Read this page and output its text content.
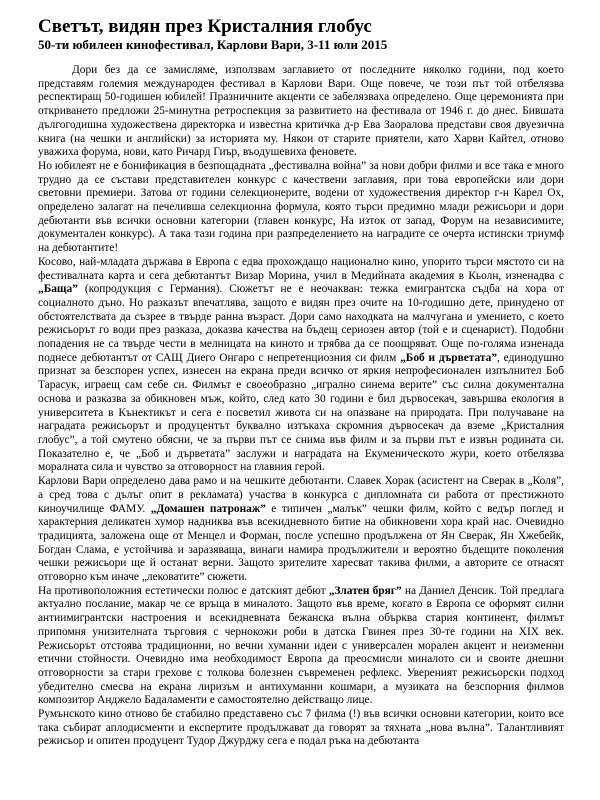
Светът, видян през Кристалния глобус
50-ти юбилеен кинофестивал, Карлови Вари, 3-11 юли 2015

Дори без да се замисляме, използвам заглавието от последните няколко години, под което представям големия международен фестивал в Карлови Вари. Още повече, че този път той отбелязва респектиращ 50-годишен юбилей! Празничните акценти се забелязваха определено. Още церемонията при откриването предложи 25-минутна ретроспекция за развитието на фестивала от 1946 г. до днес. Бившата дългогодишна художествена директорка и известна критичка д-р Ева Заоралова представи своя двуезична книга (на чешки и английски) за историята му. Някои от старите приятели, като Харви Кайтел, отново уважиха форума, нови, като Ричард Гиър, въодушевиха феновете.

Но юбилеят не е бонификация в безпощадната „фестивална война” за нови добри филми и все така е много трудно да се състави представителен конкурс с качествени заглавия, при това европейски или дори световни премиери. Затова от години селекционерите, водени от художествения директор г-н Карел Ох, определено залагат на печелившa селекционна формула, която търси предимно млади режисьори и дори дебютанти във всички основни категории (главен конкурс, На изток от запад, Форум на независимите, документален конкурс). А така тази година при разпределението на наградите се очерта истински триумф на дебютантите!

Косово, най-младата държава в Европа с едва прохождащо национално кино, упорито търси мястото си на фестивалната карта и сега дебютантът Визар Морина, учил в Медийната академия в Кьолн, изненадва с „Баща” (копродукция с Германия). Сюжетът не е неочакван: тежка емигрантска съдба на хора от социалното дъно. Но разказът впечатлява, защото е видян през очите на 10-годишно дете, принудено от обстоятелствата да съзрее в твърде ранна възраст. Дори само находката на малчугана и умението, с което режисьорът го води през разказа, доказва качества на бъдещ сериозен автор (той е и сценарист). Подобни попадения не са твърде чести в мелницата на киното и трябва да се поощряват. Още по-голяма изненада поднесе дебютантът от САЩ Диего Онгаро с непретенциозния си филм „Боб и дърветата”, единодушно признат за безспорен успех, изнесен на екрана преди всичко от яркия непрофесионален изпълнител Боб Тарасук, играещ сам себе си. Филмът е своеобразно „игрално синема верите” със силна документална основа и разказва за обикновен мъж, който, след като 30 години е бил дървосекач, завършва екология в университета в Кънектикът и сега е посветил живота си на опазване на природата. При получаване на наградата режисьорът и продуцентът буквално изтъкаха скромния дървосекач да вземе „Кристалния глобус”, а той смутено обясни, че за първи път се снима във филм и за първи път е извън родината си. Показателно е, че „Боб и дърветата” заслужи и наградата на Екуменическото жури, което отбелязва моралната сила и чувство за отговорност на главния герой.

Карлови Вари определено дава рамо и на чешките дебютанти. Славек Хорак (асистент на Сверак в „Коля”, а сред това с дълъг опит в рекламата) участва в конкурса с дипломната си работа от престижното киноучилище ФАМУ. „Домашен патронаж” е типичен „малък” чешки филм, който с ведър поглед и характерния деликатен хумор надниква във всекидневното битие на обикновени хора край нас. Очевидно традицията, заложена още от Менцел и Форман, после успешно продължена от Ян Сверак, Ян Хжебейк, Богдан Слама, е устойчива и заразяваща, винаги намира продължители и вероятно бъдещите поколения чешки режисьори ще й останат верни. Защото зрителите харесват такива филми, а авторите се отнасят отговорно към иначе „лековатите” сюжети.

На противоположния естетически полюс е датският дебют „Златен бряг” на Даниел Денсик. Той предлага актуално послание, макар че се връща в миналото. Защото във време, когато в Европа се оформят силни антиимигрантски настроения и всекидневната бежанска вълна обърква стария континент, филмът припомня унизителната търговия с чернокожи роби в датска Гвинея през 30-те години на XIX век. Режисьорът отстоява традиционни, но вечни хуманни идеи с универсален морален акцент и неизменни етични стойности. Очевидно има необходимост Европа да преосмисли миналото си и своите днешни отговорности за стари грехове с толкова болезнен съвременен рефлекс. Увереният режисьорски подход убедително смесва на екрана лиризъм и антихуманни кошмари, а музиката на безспорния филмов композитор Анджело Бадаламенти е самостоятелно действащо лице.

Румънското кино отново бе стабилно представено със 7 филма (!) във всички основни категории, които все така събират аплодисменти и експертите продължават да говорят за тяхната „нова вълна”. Талантливият режисьор и опитен продуцент Тудор Джурджу сега е подал ръка на дебютанта
